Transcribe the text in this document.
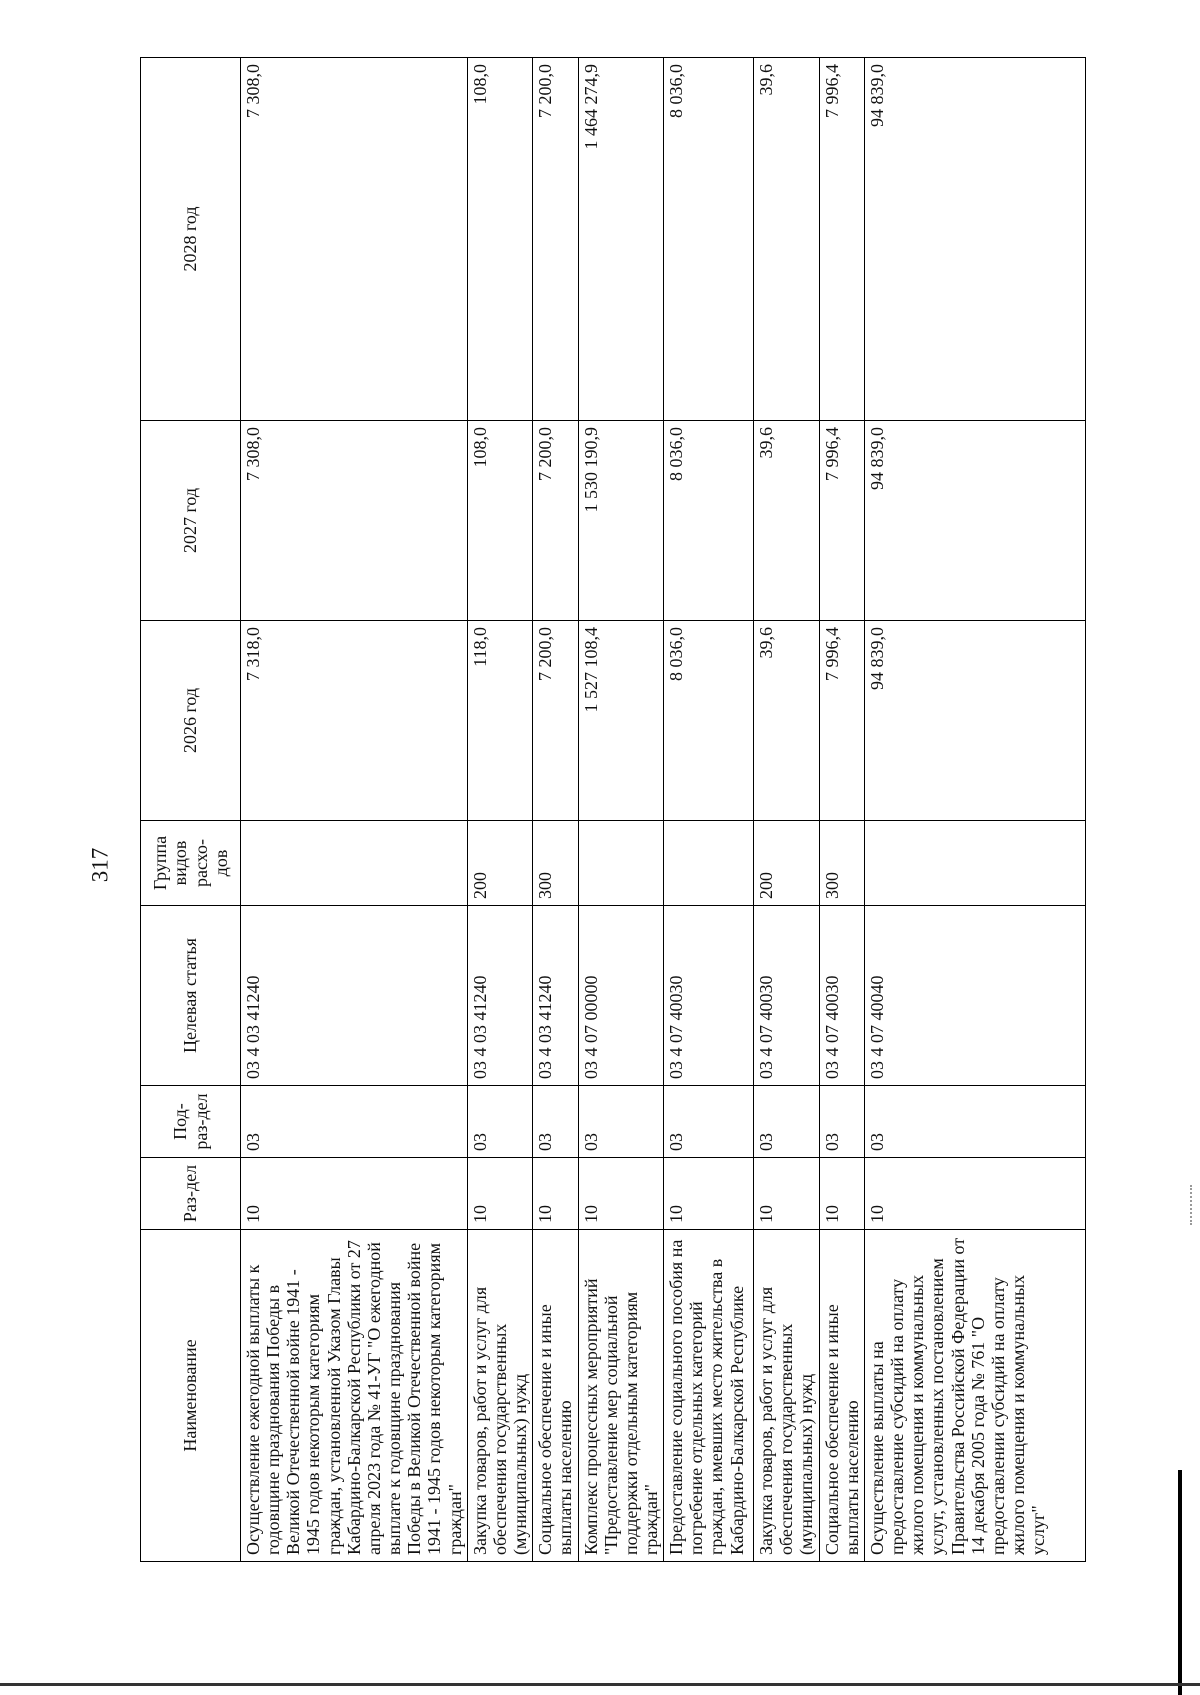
317
Наименование	Раз-дел	Под-раз-дел	Целевая статья	Группа видов расхо-дов	2026 год	2027 год	2028 год
Осуществление ежегодной выплаты к годовщине празднования Победы в Великой Отечественной войне 1941 - 1945 годов некоторым категориям граждан, установленной Указом Главы Кабардино-Балкарской Республики от 27 апреля 2023 года № 41-УГ "О ежегодной выплате к годовщине празднования Победы в Великой Отечественной войне 1941 - 1945 годов некоторым категориям граждан"	10	03	03 4 03 41240		7 318,0	7 308,0	7 308,0
Закупка товаров, работ и услуг для обеспечения государственных (муниципальных) нужд	10	03	03 4 03 41240	200	118,0	108,0	108,0
Социальное обеспечение и иные выплаты населению	10	03	03 4 03 41240	300	7 200,0	7 200,0	7 200,0
Комплекс процессных мероприятий "Предоставление мер социальной поддержки отдельным категориям граждан"	10	03	03 4 07 00000		1 527 108,4	1 530 190,9	1 464 274,9
Предоставление социального пособия на погребение отдельных категорий граждан, имевших место жительства в Кабардино-Балкарской Республике	10	03	03 4 07 40030		8 036,0	8 036,0	8 036,0
Закупка товаров, работ и услуг для обеспечения государственных (муниципальных) нужд	10	03	03 4 07 40030	200	39,6	39,6	39,6
Социальное обеспечение и иные выплаты населению	10	03	03 4 07 40030	300	7 996,4	7 996,4	7 996,4
Осуществление выплаты на предоставление субсидий на оплату жилого помещения и коммунальных услуг, установленных постановлением Правительства Российской Федерации от 14 декабря 2005 года № 761 "О предоставлении субсидий на оплату жилого помещения и коммунальных услуг"	10	03	03 4 07 40040		94 839,0	94 839,0	94 839,0
